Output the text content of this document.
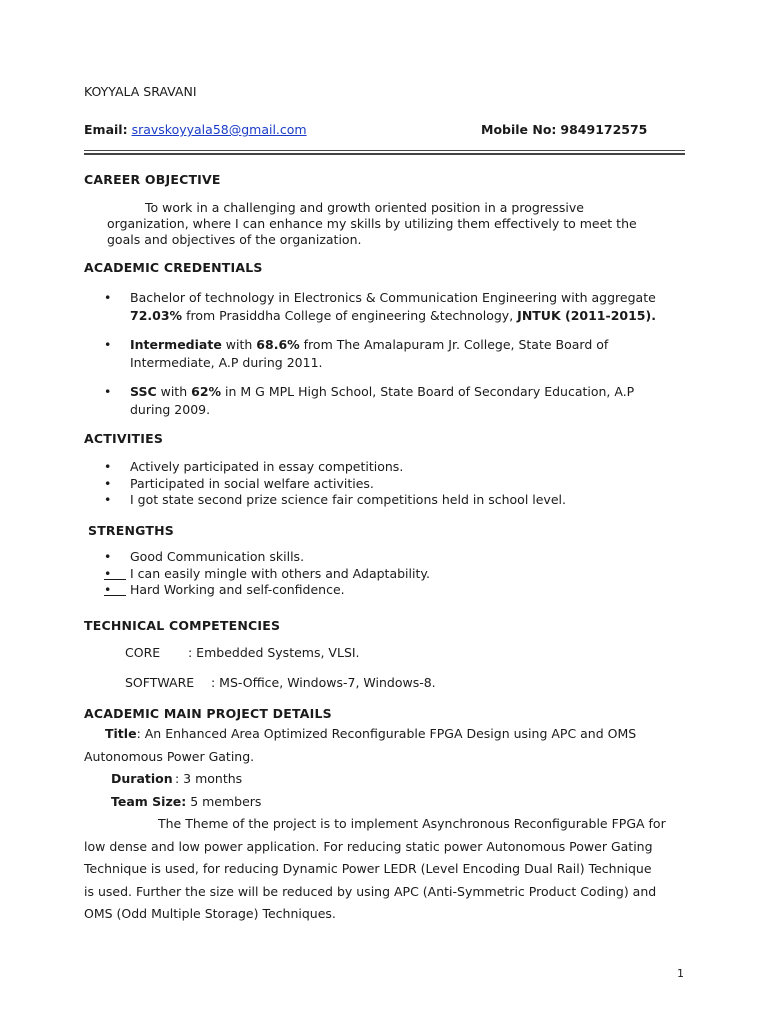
KOYYALA SRAVANI
Email: sravskoyyala58@gmail.com	Mobile No: 9849172575
CAREER OBJECTIVE
To work in a challenging and growth oriented position in a progressive
organization, where I can enhance my skills by utilizing them effectively to meet the
goals and objectives of the organization.
ACADEMIC CREDENTIALS
• Bachelor of technology in Electronics & Communication Engineering with aggregate
72.03% from Prasiddha College of engineering &technology, JNTUK (2011-2015).
• Intermediate with 68.6% from The Amalapuram Jr. College, State Board of
Intermediate, A.P during 2011.
• SSC with 62% in M G MPL High School, State Board of Secondary Education, A.P
during 2009.
ACTIVITIES
• Actively participated in essay competitions.
• Participated in social welfare activities.
• I got state second prize science fair competitions held in school level.
STRENGTHS
• Good Communication skills.
• I can easily mingle with others and Adaptability.
• Hard Working and self-confidence.
TECHNICAL COMPETENCIES
CORE : Embedded Systems, VLSI.
SOFTWARE : MS-Office, Windows-7, Windows-8.
ACADEMIC MAIN PROJECT DETAILS
Title: An Enhanced Area Optimized Reconfigurable FPGA Design using APC and OMS
Autonomous Power Gating.
Duration : 3 months
Team Size: 5 members
The Theme of the project is to implement Asynchronous Reconfigurable FPGA for
low dense and low power application. For reducing static power Autonomous Power Gating
Technique is used, for reducing Dynamic Power LEDR (Level Encoding Dual Rail) Technique
is used. Further the size will be reduced by using APC (Anti-Symmetric Product Coding) and
OMS (Odd Multiple Storage) Techniques.
1
